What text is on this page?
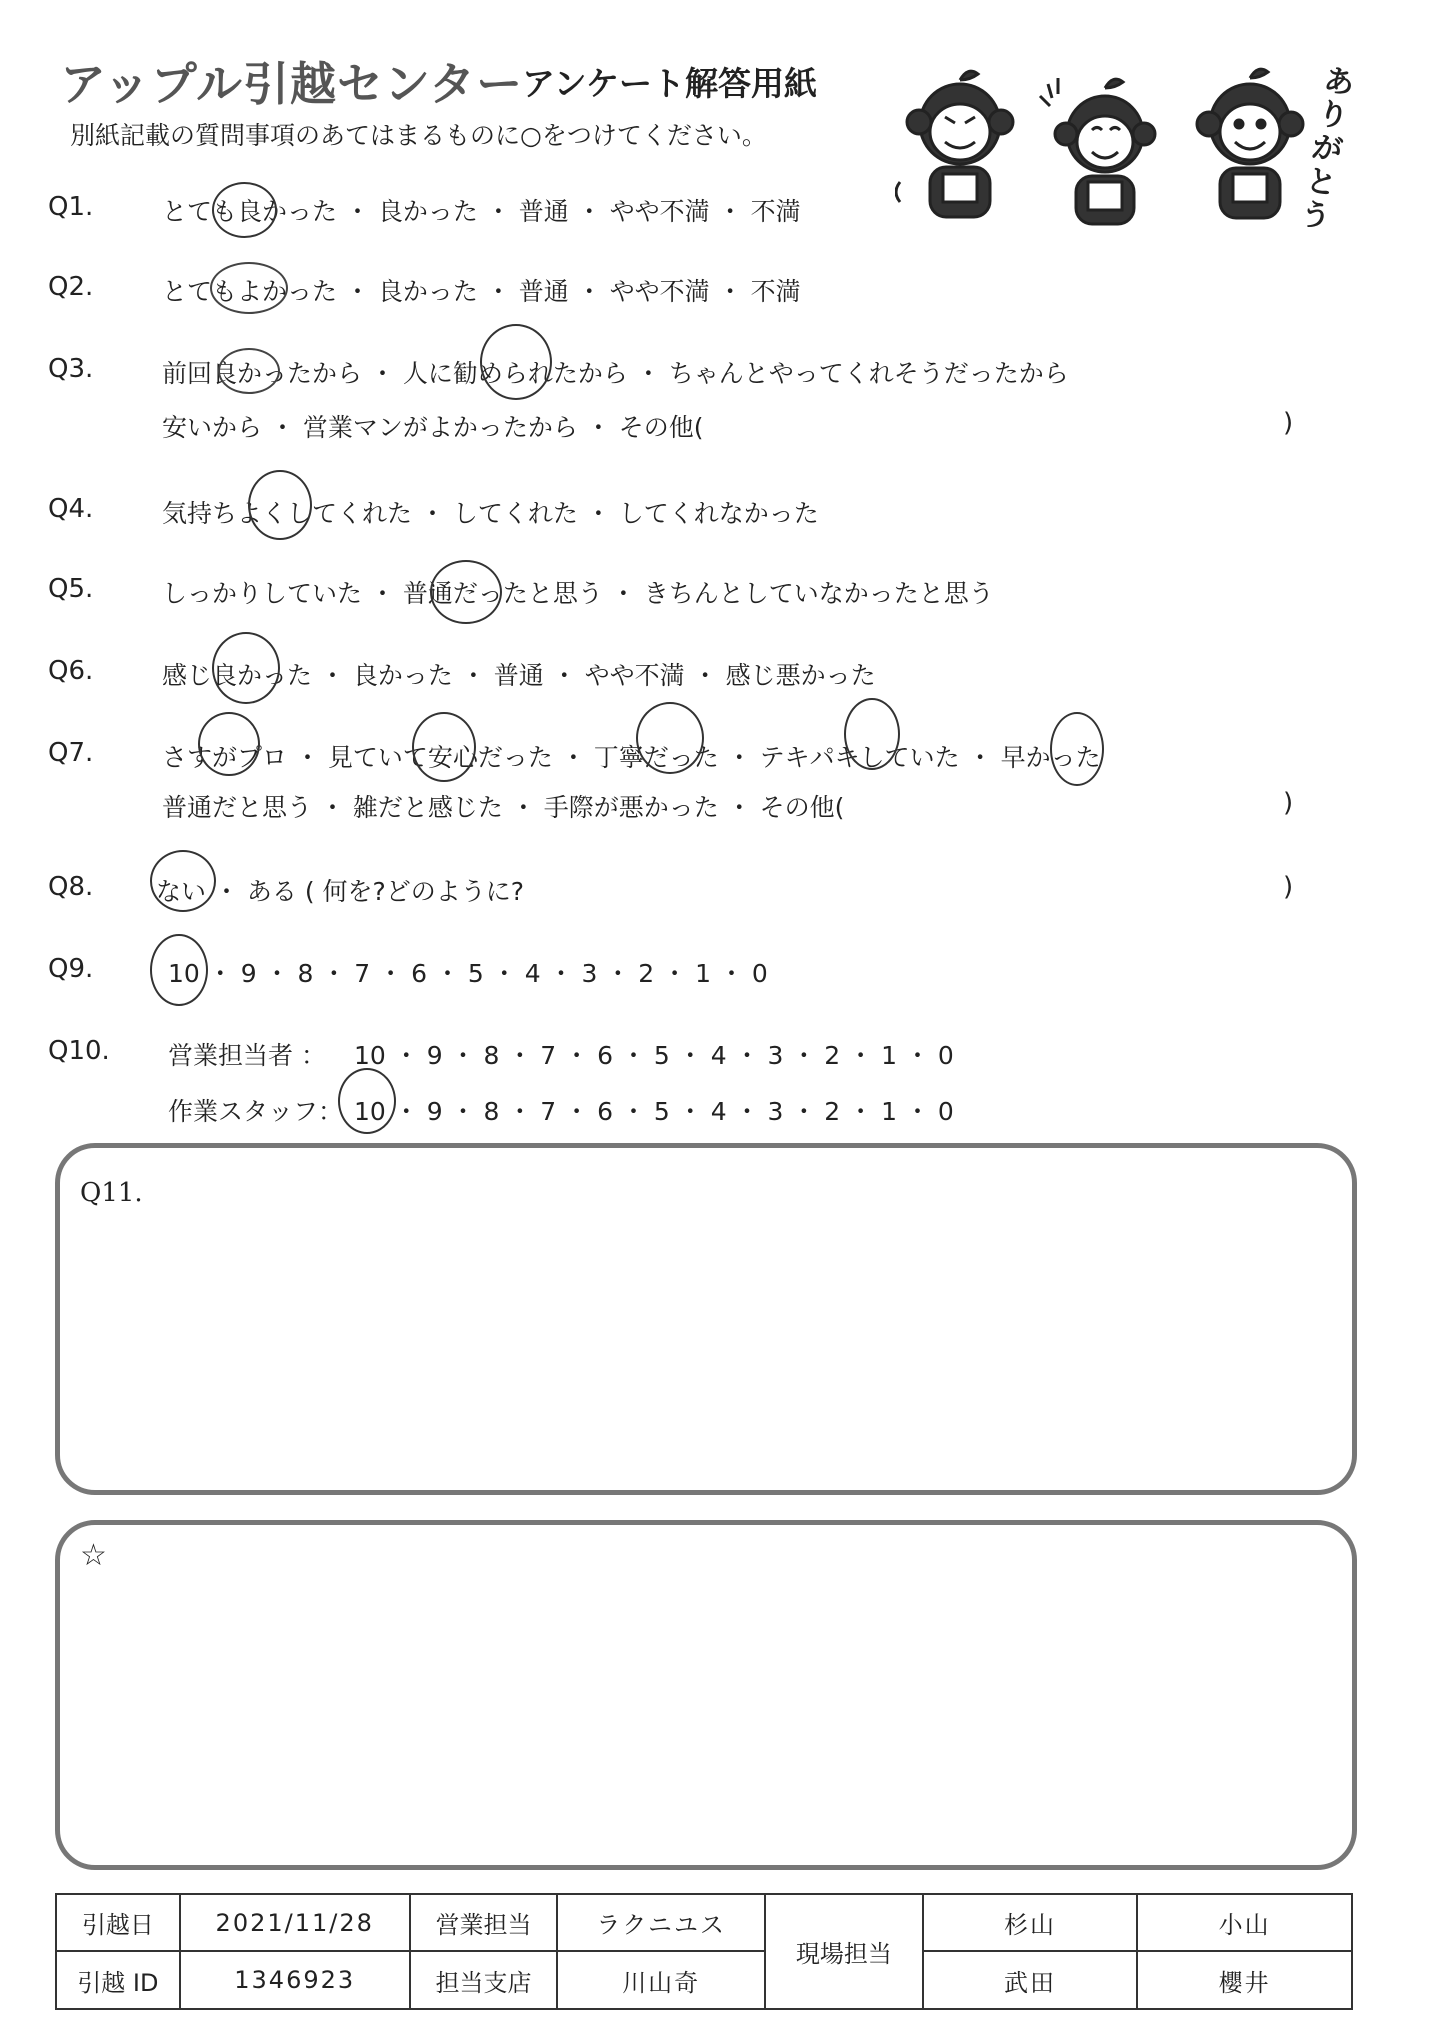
アップル引越センター
アンケート解答用紙
別紙記載の質問事項のあてはまるものに○をつけてください。
ありがとう
Q1.	とても良かった ・ 良かった ・ 普通 ・ やや不満 ・ 不満
Q2.	とてもよかった ・ 良かった ・ 普通 ・ やや不満 ・ 不満
Q3.	前回良かったから ・ 人に勧められたから ・ ちゃんとやってくれそうだったから
安いから ・ 営業マンがよかったから ・ その他(	)
Q4.	気持ちよくしてくれた ・ してくれた ・ してくれなかった
Q5.	しっかりしていた ・ 普通だったと思う ・ きちんとしていなかったと思う
Q6.	感じ良かった ・ 良かった ・ 普通 ・ やや不満 ・ 感じ悪かった
Q7.	さすがプロ ・ 見ていて安心だった ・ 丁寧だった ・ テキパキしていた ・ 早かった
普通だと思う ・ 雑だと感じた ・ 手際が悪かった ・ その他(	)
Q8.	ない ・ ある ( 何を?どのように?	)
Q9.	10 ・ 9 ・ 8 ・ 7 ・ 6 ・ 5 ・ 4 ・ 3 ・ 2 ・ 1 ・ 0
Q10. 営業担当者 ： 10 ・ 9 ・ 8 ・ 7 ・ 6 ・ 5 ・ 4 ・ 3 ・ 2 ・ 1 ・ 0
作業スタッフ： 10 ・ 9 ・ 8 ・ 7 ・ 6 ・ 5 ・ 4 ・ 3 ・ 2 ・ 1 ・ 0
Q11.
☆
引越日	2021/11/28	営業担当	ラクニユス	現場担当	杉山	小山
引越 ID	1346923	担当支店	川山奇		武田	櫻井
